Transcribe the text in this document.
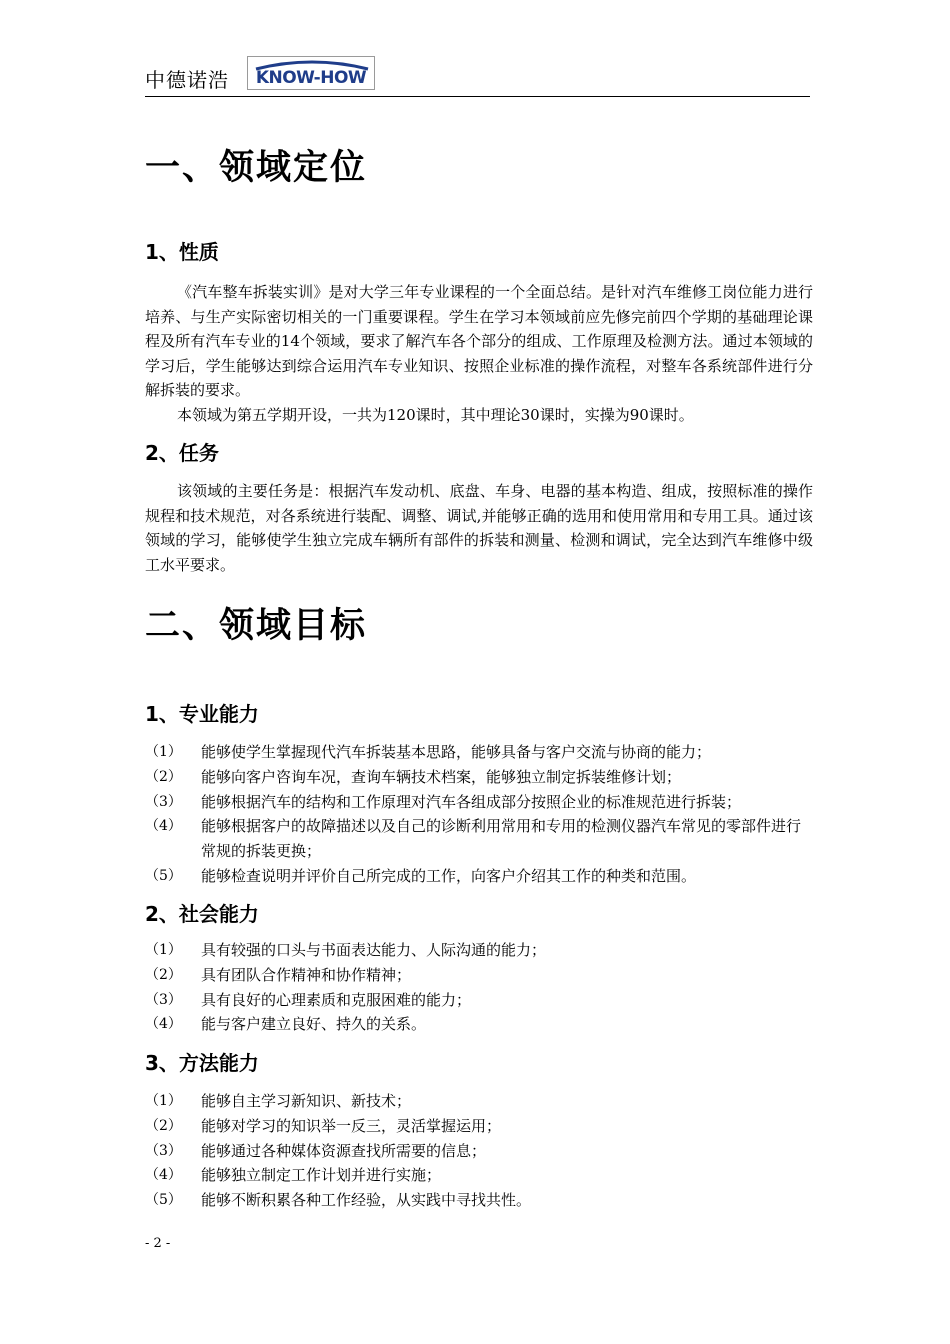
中德诺浩	KNOW-HOW
一、领域定位
1、性质
《汽车整车拆装实训》是对大学三年专业课程的一个全面总结。是针对汽车维修工岗位能力进行培养、与生产实际密切相关的一门重要课程。学生在学习本领域前应先修完前四个学期的基础理论课程及所有汽车专业的14个领域，要求了解汽车各个部分的组成、工作原理及检测方法。通过本领域的学习后，学生能够达到综合运用汽车专业知识、按照企业标准的操作流程，对整车各系统部件进行分解拆装的要求。
本领域为第五学期开设，一共为120课时，其中理论30课时，实操为90课时。
2、任务
该领域的主要任务是：根据汽车发动机、底盘、车身、电器的基本构造、组成，按照标准的操作规程和技术规范，对各系统进行装配、调整、调试,并能够正确的选用和使用常用和专用工具。通过该领域的学习，能够使学生独立完成车辆所有部件的拆装和测量、检测和调试，完全达到汽车维修中级工水平要求。
二、领域目标
1、专业能力
（1）	能够使学生掌握现代汽车拆装基本思路，能够具备与客户交流与协商的能力；
（2）	能够向客户咨询车况，查询车辆技术档案，能够独立制定拆装维修计划；
（3）	能够根据汽车的结构和工作原理对汽车各组成部分按照企业的标准规范进行拆装；
（4）	能够根据客户的故障描述以及自己的诊断利用常用和专用的检测仪器汽车常见的零部件进行常规的拆装更换；
（5）	能够检查说明并评价自己所完成的工作，向客户介绍其工作的种类和范围。
2、社会能力
（1）	具有较强的口头与书面表达能力、人际沟通的能力；
（2）	具有团队合作精神和协作精神；
（3）	具有良好的心理素质和克服困难的能力；
（4）	能与客户建立良好、持久的关系。
3、方法能力
（1）	能够自主学习新知识、新技术；
（2）	能够对学习的知识举一反三，灵活掌握运用；
（3）	能够通过各种媒体资源查找所需要的信息；
（4）	能够独立制定工作计划并进行实施；
（5）	能够不断积累各种工作经验，从实践中寻找共性。
- 2 -
